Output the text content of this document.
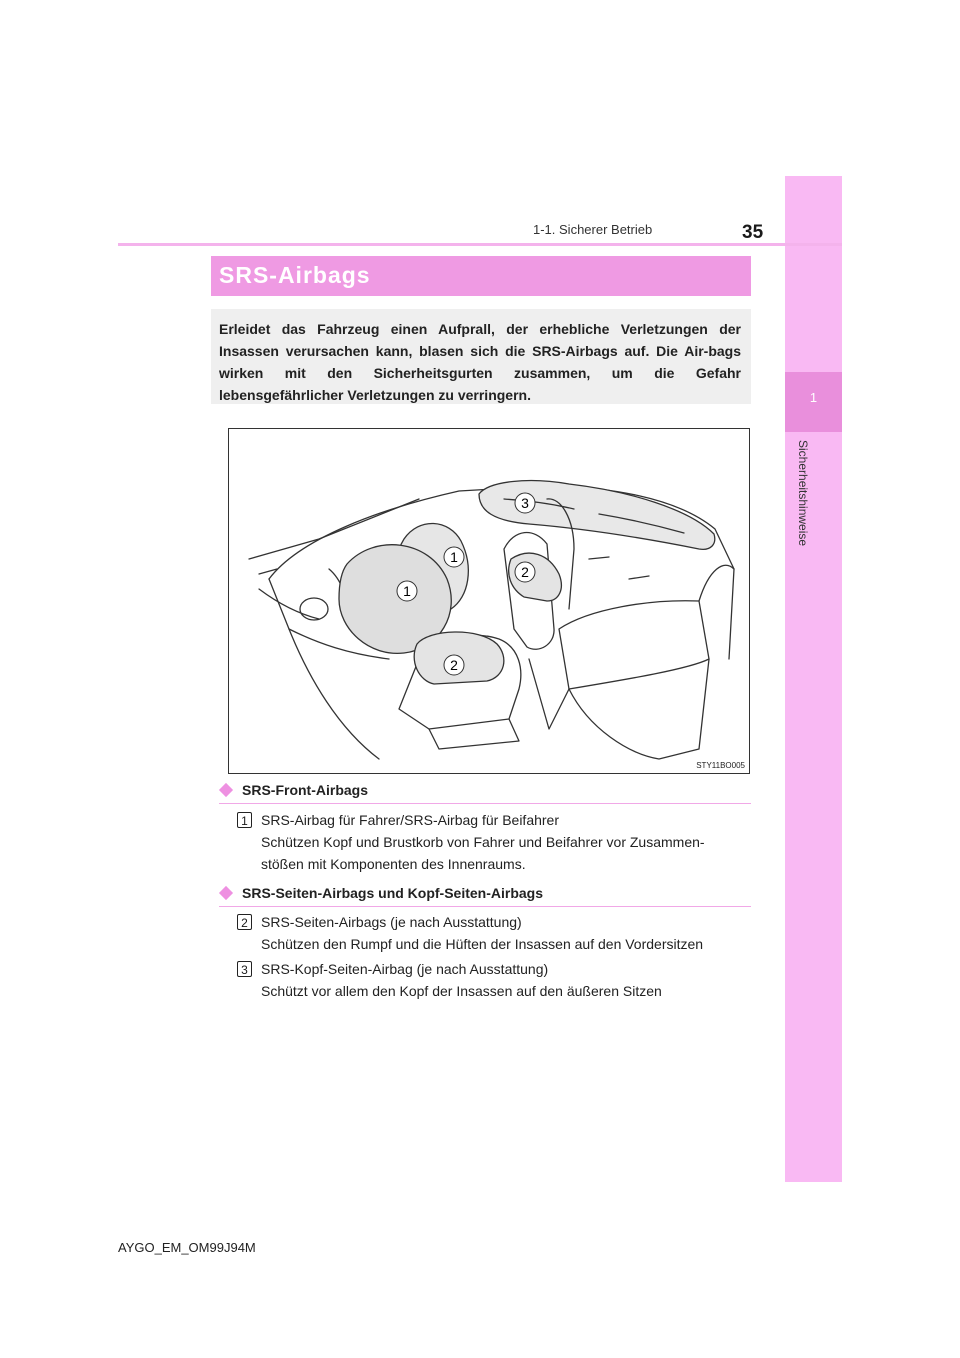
1
Sicherheitshinweise
1-1. Sicherer Betrieb	35
SRS-Airbags
Erleidet das Fahrzeug einen Aufprall, der erhebliche Verletzungen der Insassen verursachen kann, blasen sich die SRS-Airbags auf. Die Air-bags wirken mit den Sicherheitsgurten zusammen, um die Gefahr lebensgefährlicher Verletzungen zu verringern.
1
1
2
2
3
STY11BO005
SRS-Front-Airbags
1 SRS-Airbag für Fahrer/SRS-Airbag für Beifahrer
Schützen Kopf und Brustkorb von Fahrer und Beifahrer vor Zusammen-
stößen mit Komponenten des Innenraums.
SRS-Seiten-Airbags und Kopf-Seiten-Airbags
2 SRS-Seiten-Airbags (je nach Ausstattung)
Schützen den Rumpf und die Hüften der Insassen auf den Vordersitzen
3 SRS-Kopf-Seiten-Airbag (je nach Ausstattung)
Schützt vor allem den Kopf der Insassen auf den äußeren Sitzen
AYGO_EM_OM99J94M
